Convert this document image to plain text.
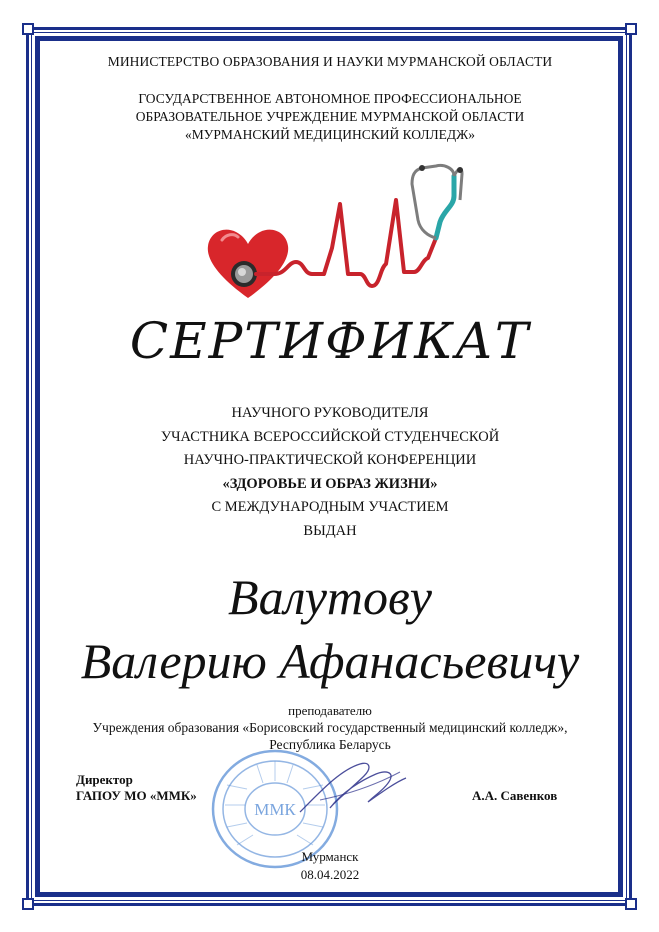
МИНИСТЕРСТВО ОБРАЗОВАНИЯ И НАУКИ МУРМАНСКОЙ ОБЛАСТИ
ГОСУДАРСТВЕННОЕ АВТОНОМНОЕ ПРОФЕССИОНАЛЬНОЕ
ОБРАЗОВАТЕЛЬНОЕ УЧРЕЖДЕНИЕ МУРМАНСКОЙ ОБЛАСТИ
«МУРМАНСКИЙ МЕДИЦИНСКИЙ КОЛЛЕДЖ»
СЕРТИФИКАТ
НАУЧНОГО РУКОВОДИТЕЛЯ
УЧАСТНИКА ВСЕРОССИЙСКОЙ СТУДЕНЧЕСКОЙ
НАУЧНО-ПРАКТИЧЕСКОЙ КОНФЕРЕНЦИИ
«ЗДОРОВЬЕ И ОБРАЗ ЖИЗНИ»
С МЕЖДУНАРОДНЫМ УЧАСТИЕМ
ВЫДАН
Валутову
Валерию Афанасьевичу
преподавателю
Учреждения образования «Борисовский государственный медицинский колледж»,
Республика Беларусь
ММК
Директор
ГАПОУ МО «ММК»	А.А. Савенков
Мурманск
08.04.2022
